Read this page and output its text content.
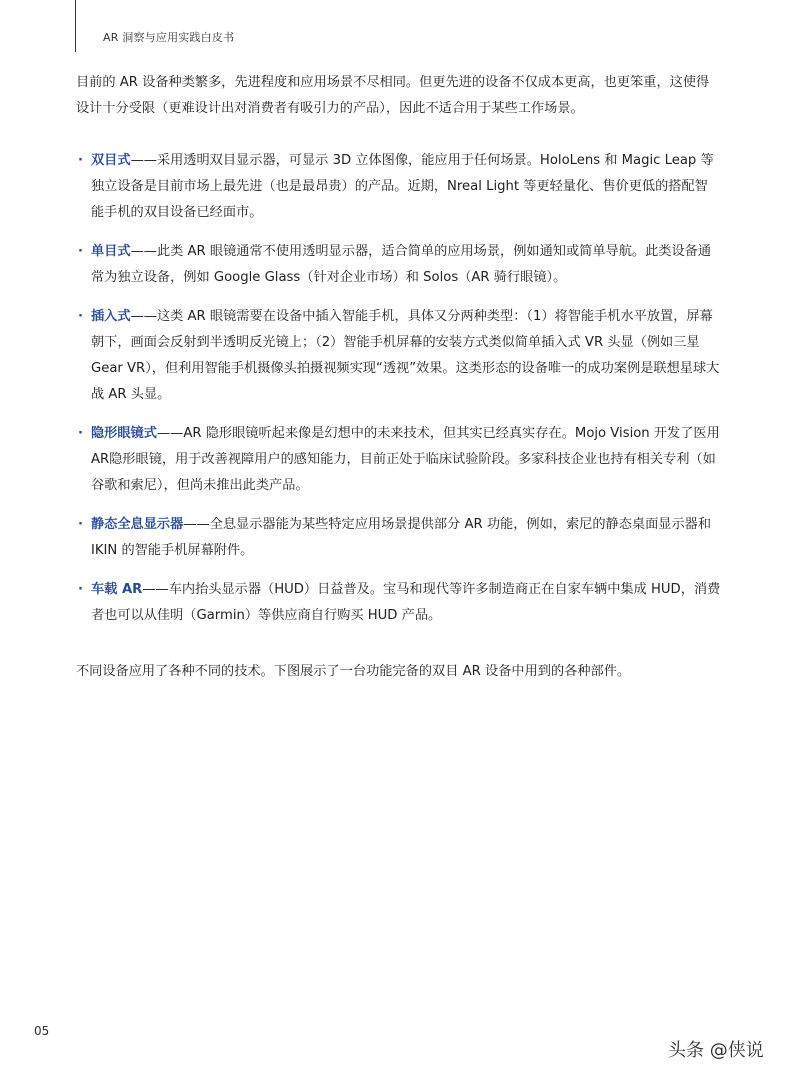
AR 洞察与应用实践白皮书

目前的 AR 设备种类繁多，先进程度和应用场景不尽相同。但更先进的设备不仅成本更高，也更笨重，这使得设计十分受限（更难设计出对消费者有吸引力的产品），因此不适合用于某些工作场景。

· 双目式——采用透明双目显示器，可显示 3D 立体图像，能应用于任何场景。HoloLens 和 Magic Leap 等独立设备是目前市场上最先进（也是最昂贵）的产品。近期，Nreal Light 等更轻量化、售价更低的搭配智能手机的双目设备已经面市。
· 单目式——此类 AR 眼镜通常不使用透明显示器，适合简单的应用场景，例如通知或简单导航。此类设备通常为独立设备，例如 Google Glass（针对企业市场）和 Solos（AR 骑行眼镜）。
· 插入式——这类 AR 眼镜需要在设备中插入智能手机，具体又分两种类型：（1）将智能手机水平放置，屏幕朝下，画面会反射到半透明反光镜上；（2）智能手机屏幕的安装方式类似简单插入式 VR 头显（例如三星 Gear VR），但利用智能手机摄像头拍摄视频实现“透视”效果。这类形态的设备唯一的成功案例是联想星球大战 AR 头显。
· 隐形眼镜式——AR 隐形眼镜听起来像是幻想中的未来技术，但其实已经真实存在。Mojo Vision 开发了医用AR隐形眼镜，用于改善视障用户的感知能力，目前正处于临床试验阶段。多家科技企业也持有相关专利（如谷歌和索尼），但尚未推出此类产品。
· 静态全息显示器——全息显示器能为某些特定应用场景提供部分 AR 功能，例如，索尼的静态桌面显示器和 IKIN 的智能手机屏幕附件。
· 车载 AR——车内抬头显示器（HUD）日益普及。宝马和现代等许多制造商正在自家车辆中集成 HUD，消费者也可以从佳明（Garmin）等供应商自行购买 HUD 产品。

不同设备应用了各种不同的技术。下图展示了一台功能完备的双目 AR 设备中用到的各种部件。

05
头条 @侠说
